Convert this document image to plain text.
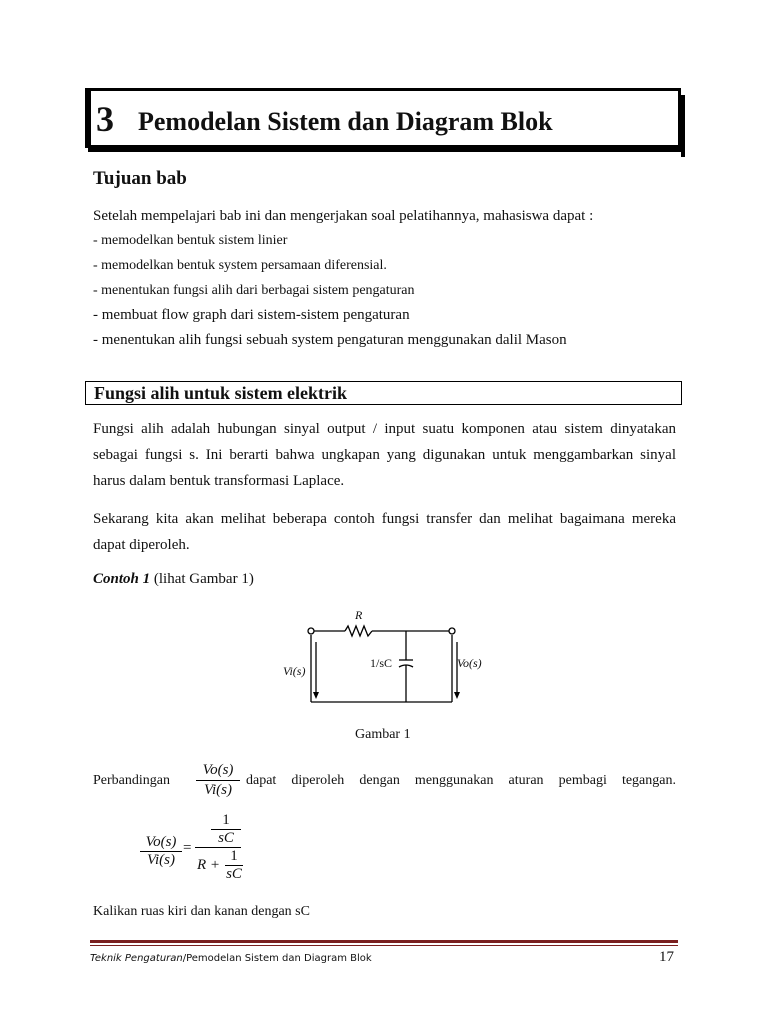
3 Pemodelan Sistem dan Diagram Blok
Tujuan bab
Setelah mempelajari bab ini dan mengerjakan soal pelatihannya, mahasiswa dapat :
- memodelkan bentuk sistem linier
- memodelkan bentuk system persamaan diferensial.
- menentukan fungsi alih dari berbagai sistem pengaturan
- membuat flow graph dari sistem-sistem pengaturan
- menentukan alih fungsi sebuah system pengaturan menggunakan dalil Mason
Fungsi alih untuk sistem elektrik

Fungsi alih adalah hubungan sinyal output / input suatu komponen atau sistem dinyatakan sebagai fungsi s. Ini berarti bahwa ungkapan yang digunakan untuk menggambarkan sinyal harus dalam bentuk transformasi Laplace.

Sekarang kita akan melihat beberapa contoh fungsi transfer dan melihat bagaimana mereka dapat diperoleh.

Contoh 1 (lihat Gambar 1)
R
1/sC
Vi(s)
Vo(s)
Gambar 1
Perbandingan $\frac{Vo(s)}{Vi(s)}$ dapat diperoleh dengan menggunakan aturan pembagi tegangan.
$\frac{Vo(s)}{Vi(s)}$ =
1
sC
R +
1
sC
Kalikan ruas kiri dan kanan dengan sC
Teknik Pengaturan/Pemodelan Sistem dan Diagram Blok	17
